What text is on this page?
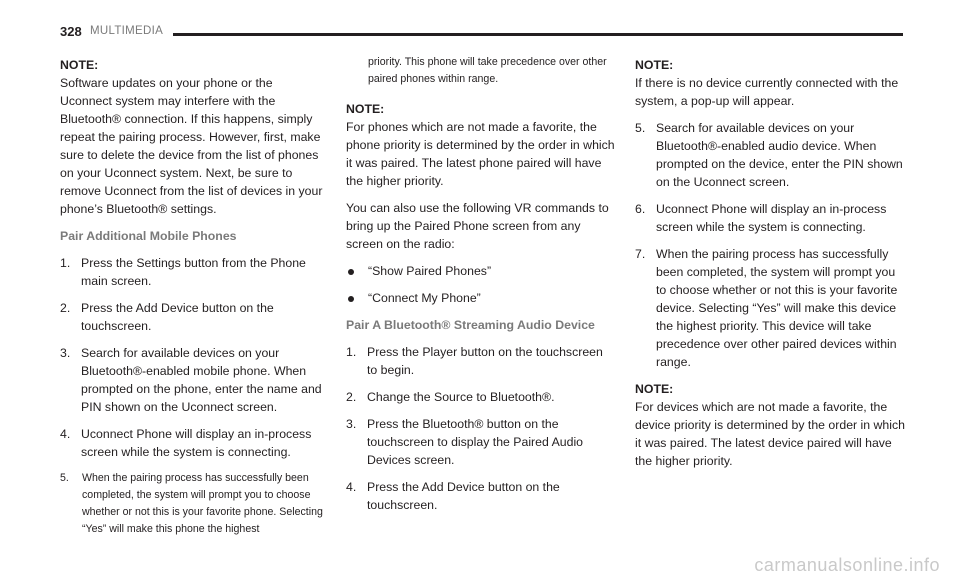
328 MULTIMEDIA

NOTE:
Software updates on your phone or the Uconnect system may interfere with the Bluetooth® connection. If this happens, simply repeat the pairing process. However, first, make sure to delete the device from the list of phones on your Uconnect system. Next, be sure to remove Uconnect from the list of devices in your phone’s Bluetooth® settings.

Pair Additional Mobile Phones
1. Press the Settings button from the Phone main screen.
2. Press the Add Device button on the touchscreen.
3. Search for available devices on your Bluetooth®-enabled mobile phone. When prompted on the phone, enter the name and PIN shown on the Uconnect screen.
4. Uconnect Phone will display an in-process screen while the system is connecting.
5.	When the pairing process has successfully been completed, the system will prompt you to choose whether or not this is your favorite phone. Selecting “Yes” will make this phone the highest
priority. This phone will take precedence over other paired phones within range.

NOTE:
For phones which are not made a favorite, the phone priority is determined by the order in which it was paired. The latest phone paired will have the higher priority.

You can also use the following VR commands to bring up the Paired Phone screen from any screen on the radio:

“Show Paired Phones”
“Connect My Phone”
Pair A Bluetooth® Streaming Audio Device
1. Press the Player button on the touchscreen to begin.
2. Change the Source to Bluetooth®.
3. Press the Bluetooth® button on the touchscreen to display the Paired Audio Devices screen.
4. Press the Add Device button on the touchscreen.

NOTE:
If there is no device currently connected with the system, a pop-up will appear.

5. Search for available devices on your Bluetooth®-enabled audio device. When prompted on the device, enter the PIN shown on the Uconnect screen.
6. Uconnect Phone will display an in-process screen while the system is connecting.
7. When the pairing process has successfully been completed, the system will prompt you to choose whether or not this is your favorite device. Selecting “Yes” will make this device the highest priority. This device will take precedence over other paired devices within range.

NOTE:
For devices which are not made a favorite, the device priority is determined by the order in which it was paired. The latest device paired will have the higher priority.

carmanualsonline.info
